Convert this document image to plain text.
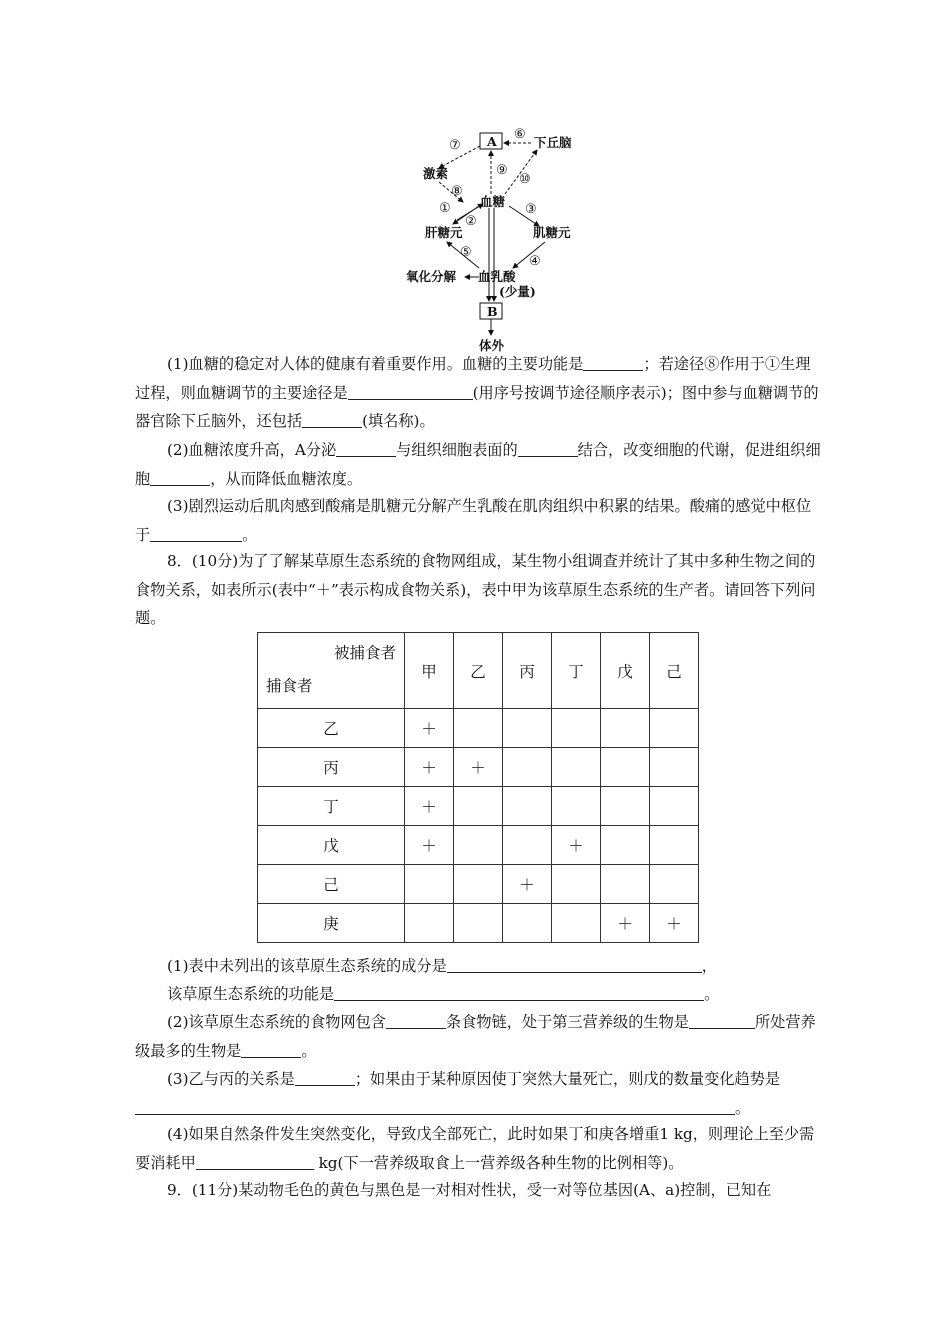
A
B
下丘脑
激素
血糖
肝糖元	肌糖元
氧化分解 血乳酸
(少量)
体外
①
②
③
④
⑤
⑥
⑦
⑧
⑨
⑩
(1)血糖的稳定对人体的健康有着重要作用。血糖的主要功能是	；若途径⑧作用于①生理过程，则血糖调节的主要途径是	(用序号按调节途径顺序表示)；图中参与血糖调节的器官除下丘脑外，还包括	(填名称)。
(2)血糖浓度升高，A分泌	与组织细胞表面的	结合，改变细胞的代谢，促进组织细胞	，从而降低血糖浓度。
(3)剧烈运动后肌肉感到酸痛是肌糖元分解产生乳酸在肌肉组织中积累的结果。酸痛的感觉中枢位于	。
8．(10分)为了了解某草原生态系统的食物网组成，某生物小组调查并统计了其中多种生物之间的食物关系，如表所示(表中“＋”表示构成食物关系)，表中甲为该草原生态系统的生产者。请回答下列问题。
被捕食者
捕食者	甲	乙	丙	丁	戊	己
乙	＋					
丙	＋	＋				
丁	＋					
戊	＋			＋		
己			＋			
庚					＋	＋
(1)表中未列出的该草原生态系统的成分是	，
该草原生态系统的功能是	。
(2)该草原生态系统的食物网包含	条食物链，处于第三营养级的生物是	所处营养级最多的生物是	。
(3)乙与丙的关系是	；如果由于某种原因使丁突然大量死亡，则戊的数量变化趋势是。
(4)如果自然条件发生突然变化，导致戊全部死亡，此时如果丁和庚各增重1 kg，则理论上至少需要消耗甲	kg(下一营养级取食上一营养级各种生物的比例相等)。
9．(11分)某动物毛色的黄色与黑色是一对相对性状，受一对等位基因(A、a)控制，已知在
